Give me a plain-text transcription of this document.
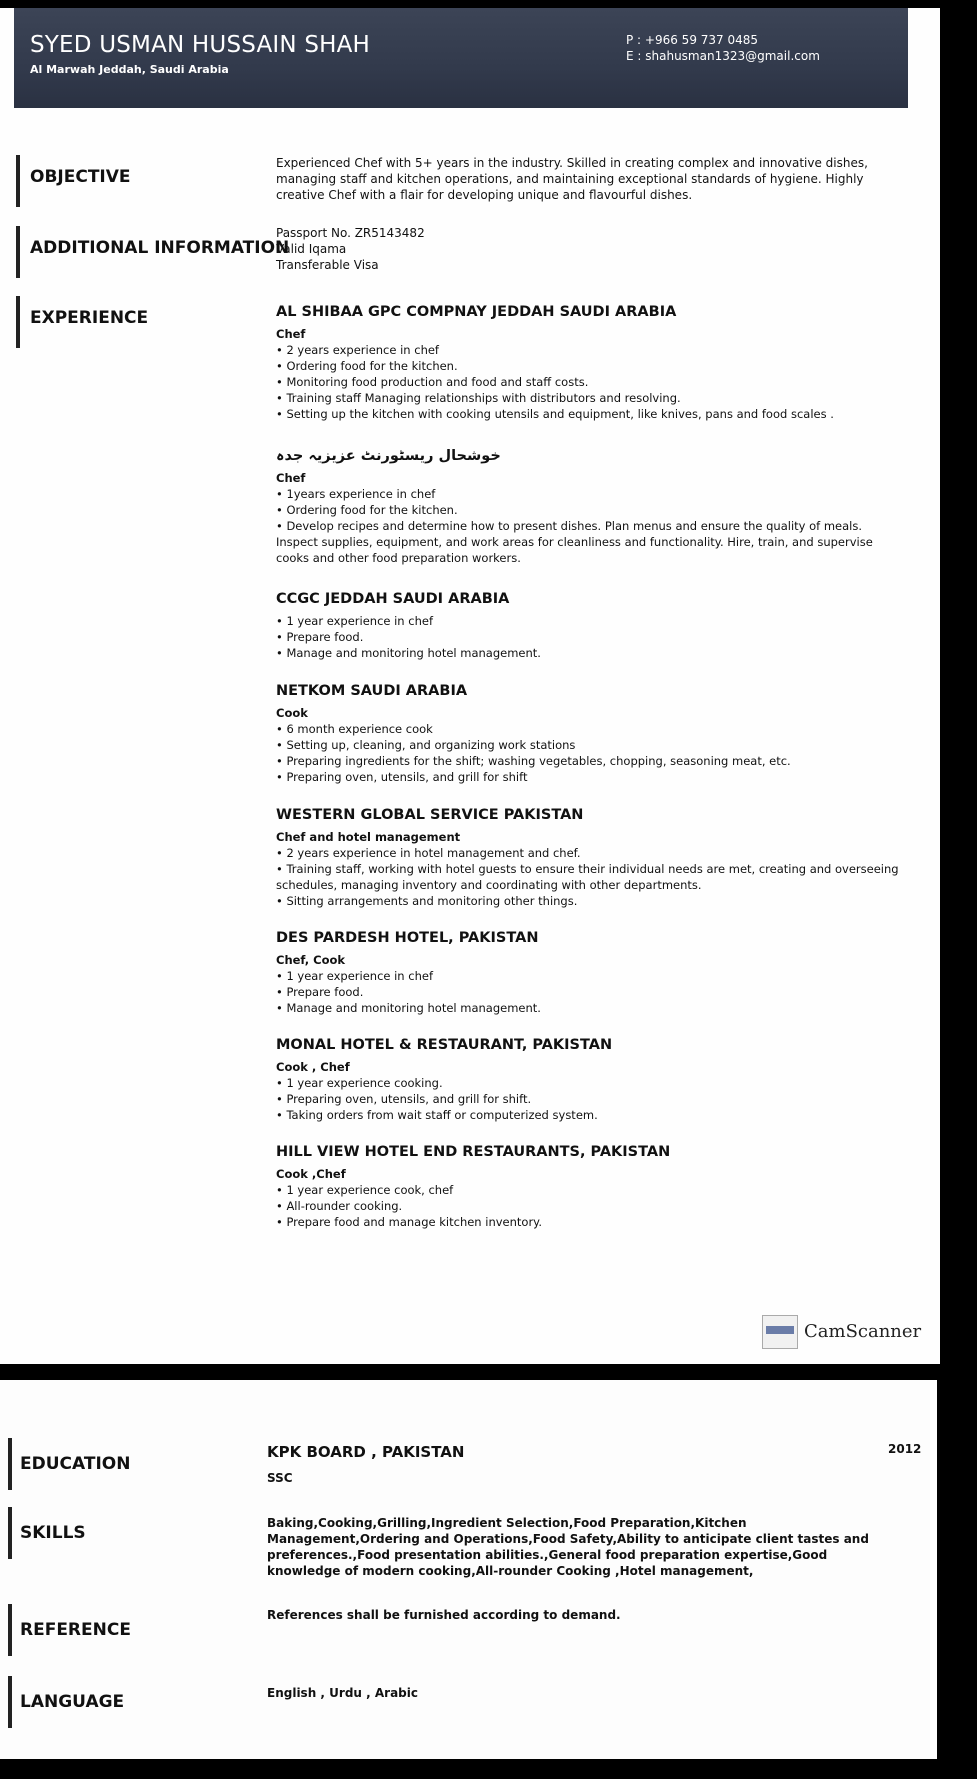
SYED USMAN HUSSAIN SHAH
Al Marwah Jeddah, Saudi Arabia
P : +966 59 737 0485
E : shahusman1323@gmail.com
OBJECTIVE
Experienced Chef with 5+ years in the industry. Skilled in creating complex and innovative dishes, managing staff and kitchen operations, and maintaining exceptional standards of hygiene. Highly creative Chef with a flair for developing unique and flavourful dishes.
ADDITIONAL INFORMATION
Passport No. ZR5143482
Valid Iqama
Transferable Visa
EXPERIENCE	AL SHIBAA GPC COMPNAY JEDDAH SAUDI ARABIA
Chef
• 2 years experience in chef
• Ordering food for the kitchen.
• Monitoring food production and food and staff costs.
• Training staff Managing relationships with distributors and resolving.
• Setting up the kitchen with cooking utensils and equipment, like knives, pans and food scales .
خوشحال ریسٹورنٹ عزیزیہ جدہ
Chef
• 1years experience in chef
• Ordering food for the kitchen.
• Develop recipes and determine how to present dishes. Plan menus and ensure the quality of meals. Inspect supplies, equipment, and work areas for cleanliness and functionality. Hire, train, and supervise cooks and other food preparation workers.
CCGC JEDDAH SAUDI ARABIA
• 1 year experience in chef
• Prepare food.
• Manage and monitoring hotel management.
NETKOM SAUDI ARABIA
Cook
• 6 month experience cook
• Setting up, cleaning, and organizing work stations
• Preparing ingredients for the shift; washing vegetables, chopping, seasoning meat, etc.
• Preparing oven, utensils, and grill for shift
WESTERN GLOBAL SERVICE PAKISTAN
Chef and hotel management
• 2 years experience in hotel management and chef.
• Training staff, working with hotel guests to ensure their individual needs are met, creating and overseeing schedules, managing inventory and coordinating with other departments.
• Sitting arrangements and monitoring other things.
DES PARDESH HOTEL, PAKISTAN
Chef, Cook
• 1 year experience in chef
• Prepare food.
• Manage and monitoring hotel management.
MONAL HOTEL & RESTAURANT, PAKISTAN
Cook , Chef
• 1 year experience cooking.
• Preparing oven, utensils, and grill for shift.
• Taking orders from wait staff or computerized system.
HILL VIEW HOTEL END RESTAURANTS, PAKISTAN
Cook ,Chef
• 1 year experience cook, chef
• All-rounder cooking.
• Prepare food and manage kitchen inventory.
CamScanner
EDUCATION
KPK BOARD , PAKISTAN
SSC
2012
SKILLS	Baking,Cooking,Grilling,Ingredient Selection,Food Preparation,Kitchen Management,Ordering and Operations,Food Safety,Ability to anticipate client tastes and preferences.,Food presentation abilities.,General food preparation expertise,Good knowledge of modern cooking,All-rounder Cooking ,Hotel management,
REFERENCE
References shall be furnished according to demand.
LANGUAGE	English , Urdu , Arabic
